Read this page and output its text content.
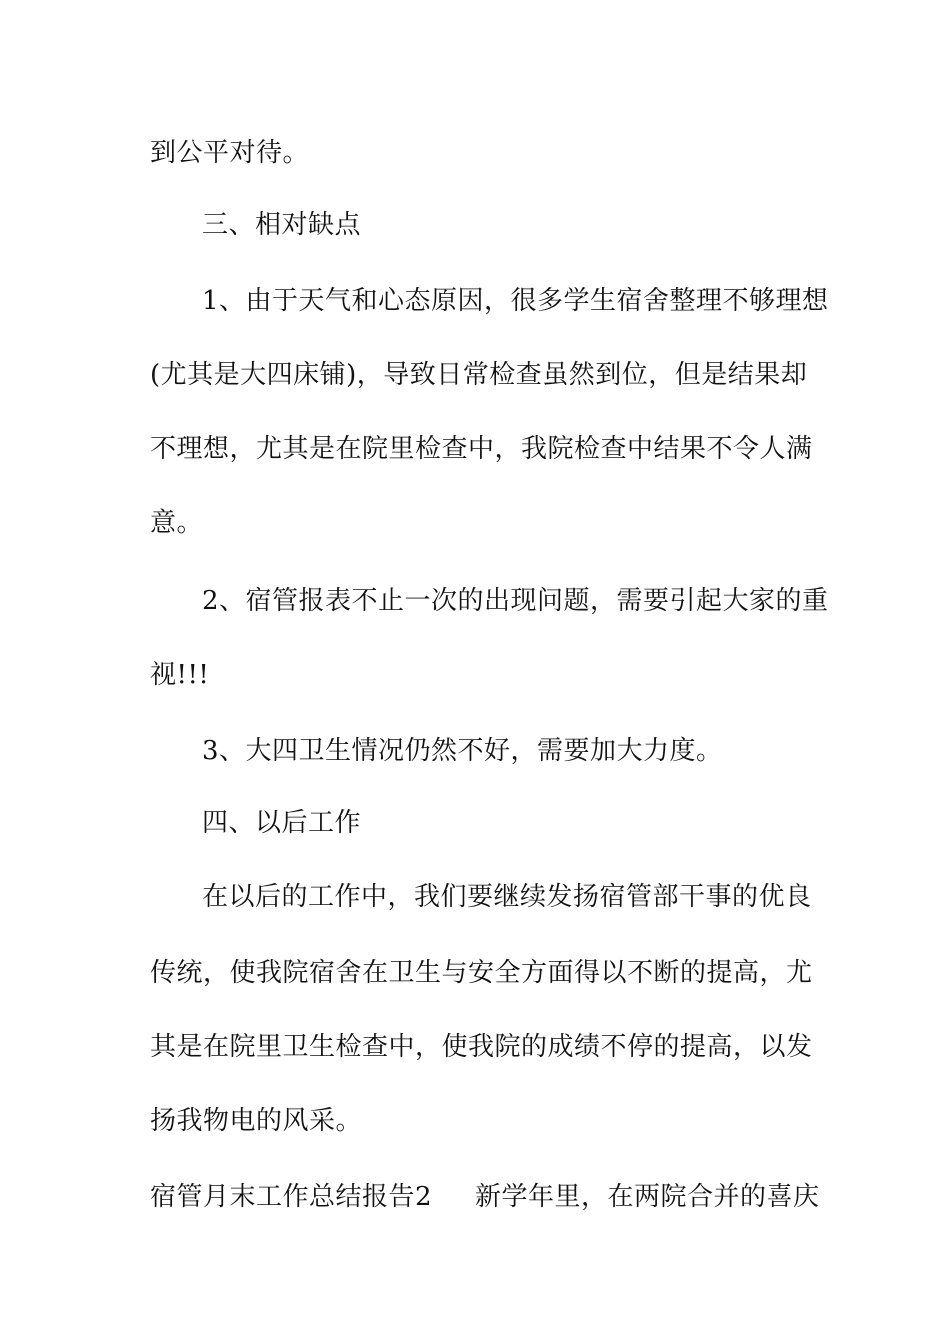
到公平对待。
三、相对缺点
1、由于天气和心态原因，很多学生宿舍整理不够理想
(尤其是大四床铺)，导致日常检查虽然到位，但是结果却
不理想，尤其是在院里检查中，我院检查中结果不令人满
意。
2、宿管报表不止一次的出现问题，需要引起大家的重
视!!!
3、大四卫生情况仍然不好，需要加大力度。
四、以后工作
在以后的工作中，我们要继续发扬宿管部干事的优良
传统，使我院宿舍在卫生与安全方面得以不断的提高，尤
其是在院里卫生检查中，使我院的成绩不停的提高，以发
扬我物电的风采。
宿管月末工作总结报告2 新学年里，在两院合并的喜庆
